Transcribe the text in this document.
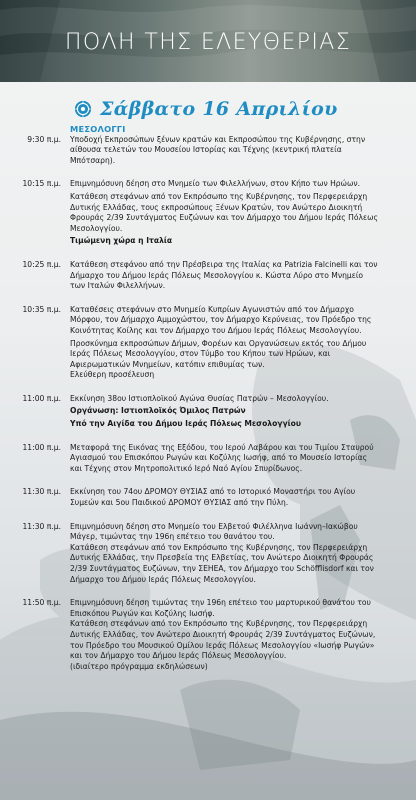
ΠΟΛΗ ΤΗΣ ΕΛΕΥΘΕΡΙΑΣ
Σάββατο 16 Απριλίου

ΜΕΣΟΛΟΓΓΙ

9:30 π.μ.	Υποδοχή Εκπροσώπων ξένων κρατών και Εκπροσώπου της Κυβέρνησης, στην αίθουσα τελετών του Μουσείου Ιστορίας και Τέχνης (κεντρική πλατεία Μπότσαρη).

10:15 π.μ.	Επιμνημόσυνη δέηση στο Μνημείο των Φιλελλήνων, στον Κήπο των Ηρώων.

Κατάθεση στεφάνων από τον Εκπρόσωπο της Κυβέρνησης, τον Περφερειάρχη Δυτικής Ελλάδας, τους εκπροσώπους Ξένων Κρατών, τον Ανώτερο Διοικητή Φρουράς 2/39 Συντάγματος Ευζώνων και τον Δήμαρχο του Δήμου Ιεράς Πόλεως Μεσολογγίου.

Τιμώμενη χώρα η Ιταλία

10:25 π.μ.	Κατάθεση στεφάνου από την Πρέσβειρα της Ιταλίας κα Patrizia Falcinelli και τον Δήμαρχο του Δήμου Ιεράς Πόλεως Μεσολογγίου κ. Κώστα Λύρο στο Μνημείο των Ιταλών Φιλελλήνων.

10:35 π.μ.	Καταθέσεις στεφάνων στο Μνημείο Κυπρίων Αγωνιστών από τον Δήμαρχο Μόρφου, τον Δήμαρχο Αμμοχώστου, τον Δήμαρχο Κερύνειας, τον Πρόεδρο της Κοινότητας Κοίλης και τον Δήμαρχο του Δήμου Ιεράς Πόλεως Μεσολογγίου.

Προσκύνημα εκπροσώπων Δήμων, Φορέων και Οργανώσεων εκτός του Δήμου Ιεράς Πόλεως Μεσολογγίου, στον Τύμβο του Κήπου των Ηρώων, και Αφιερωματικών Μνημείων, κατόπιν επιθυμίας των.

Ελεύθερη προσέλευση

11:00 π.μ.	Εκκίνηση 38ου Ιστιοπλοϊκού Αγώνα Θυσίας Πατρών – Μεσολογγίου.

Οργάνωση: Ιστιοπλοϊκός Όμιλος Πατρών

Υπό την Αιγίδα του Δήμου Ιεράς Πόλεως Μεσολογγίου

11:00 π.μ.	Μεταφορά της Εικόνας της Εξόδου, του Ιερού Λαβάρου και του Τιμίου Σταυρού Αγιασμού του Επισκόπου Ρωγών και Κοζύλης Ιωσήφ, από το Μουσείο Ιστορίας και Τέχνης στον Μητροπολιτικό Ιερό Ναό Αγίου Σπυρίδωνος.

11:30 π.μ.	Εκκίνηση του 74ου ΔΡΟΜΟΥ ΘΥΣΙΑΣ από το Ιστορικό Μοναστήρι του Αγίου Συμεών και 5ου Παιδικού ΔΡΟΜΟΥ ΘΥΣΙΑΣ από την Πύλη.

11:30 π.μ.	Επιμνημόσυνη δέηση στο Μνημείο του Ελβετού Φιλέλληνα Ιωάννη–Ιακώβου Μάγερ, τιμώντας την 196η επέτειο του θανάτου του.

Κατάθεση στεφάνων από τον Εκπρόσωπο της Κυβέρνησης, τον Περφερειάρχη Δυτικής Ελλάδας, την Πρεσβεία της Ελβετίας, τον Ανώτερο Διοικητή Φρουράς 2/39 Συντάγματος Ευζώνων, την ΣΕΗΕΑ, τον Δήμαρχο του Schöfflisdorf και τον Δήμαρχο του Δήμου Ιεράς Πόλεως Μεσολογγίου.

11:50 π.μ.	Επιμνημόσυνη δέηση τιμώντας την 196η επέτειο του μαρτυρικού θανάτου του Επισκόπου Ρωγών και Κοζύλης Ιωσήφ.

Κατάθεση στεφάνων από τον Εκπρόσωπο της Κυβέρνησης, τον Περφερειάρχη Δυτικής Ελλάδας, τον Ανώτερο Διοικητή Φρουράς 2/39 Συντάγματος Ευζώνων, τον Πρόεδρο του Μουσικού Ομίλου Ιεράς Πόλεως Μεσολογγίου «Ιωσήφ Ρωγών» και τον Δήμαρχο του Δήμου Ιεράς Πόλεως Μεσολογγίου.

(ιδιαίτερο πρόγραμμα εκδηλώσεων)
